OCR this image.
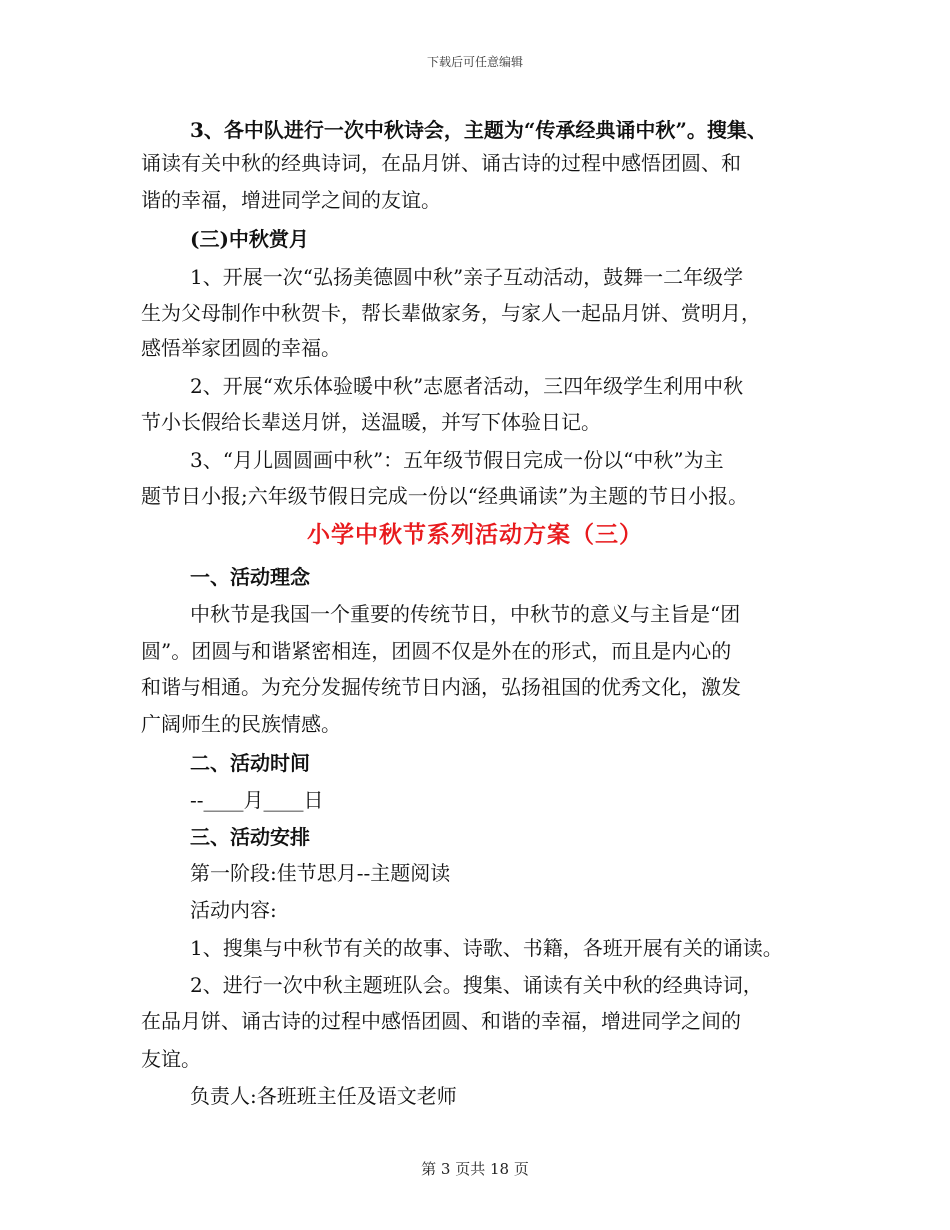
下载后可任意编辑
3、各中队进行一次中秋诗会，主题为“传承经典诵中秋”。搜集、
诵读有关中秋的经典诗词，在品月饼、诵古诗的过程中感悟团圆、和
谐的幸福，增进同学之间的友谊。
(三)中秋赏月
1、开展一次“弘扬美德圆中秋”亲子互动活动，鼓舞一二年级学
生为父母制作中秋贺卡，帮长辈做家务，与家人一起品月饼、赏明月，
感悟举家团圆的幸福。
2、开展“欢乐体验暖中秋”志愿者活动，三四年级学生利用中秋
节小长假给长辈送月饼，送温暖，并写下体验日记。
3、“月儿圆圆画中秋”：五年级节假日完成一份以“中秋”为主
题节日小报;六年级节假日完成一份以“经典诵读”为主题的节日小报。
小学中秋节系列活动方案（三）
一、活动理念
中秋节是我国一个重要的传统节日，中秋节的意义与主旨是“团
圆”。团圆与和谐紧密相连，团圆不仅是外在的形式，而且是内心的
和谐与相通。为充分发掘传统节日内涵，弘扬祖国的优秀文化，激发
广阔师生的民族情感。
二、活动时间
--____月____日
三、活动安排
第一阶段:佳节思月--主题阅读
活动内容:
1、搜集与中秋节有关的故事、诗歌、书籍，各班开展有关的诵读。
2、进行一次中秋主题班队会。搜集、诵读有关中秋的经典诗词，
在品月饼、诵古诗的过程中感悟团圆、和谐的幸福，增进同学之间的
友谊。
负责人:各班班主任及语文老师
第 3 页共 18 页
